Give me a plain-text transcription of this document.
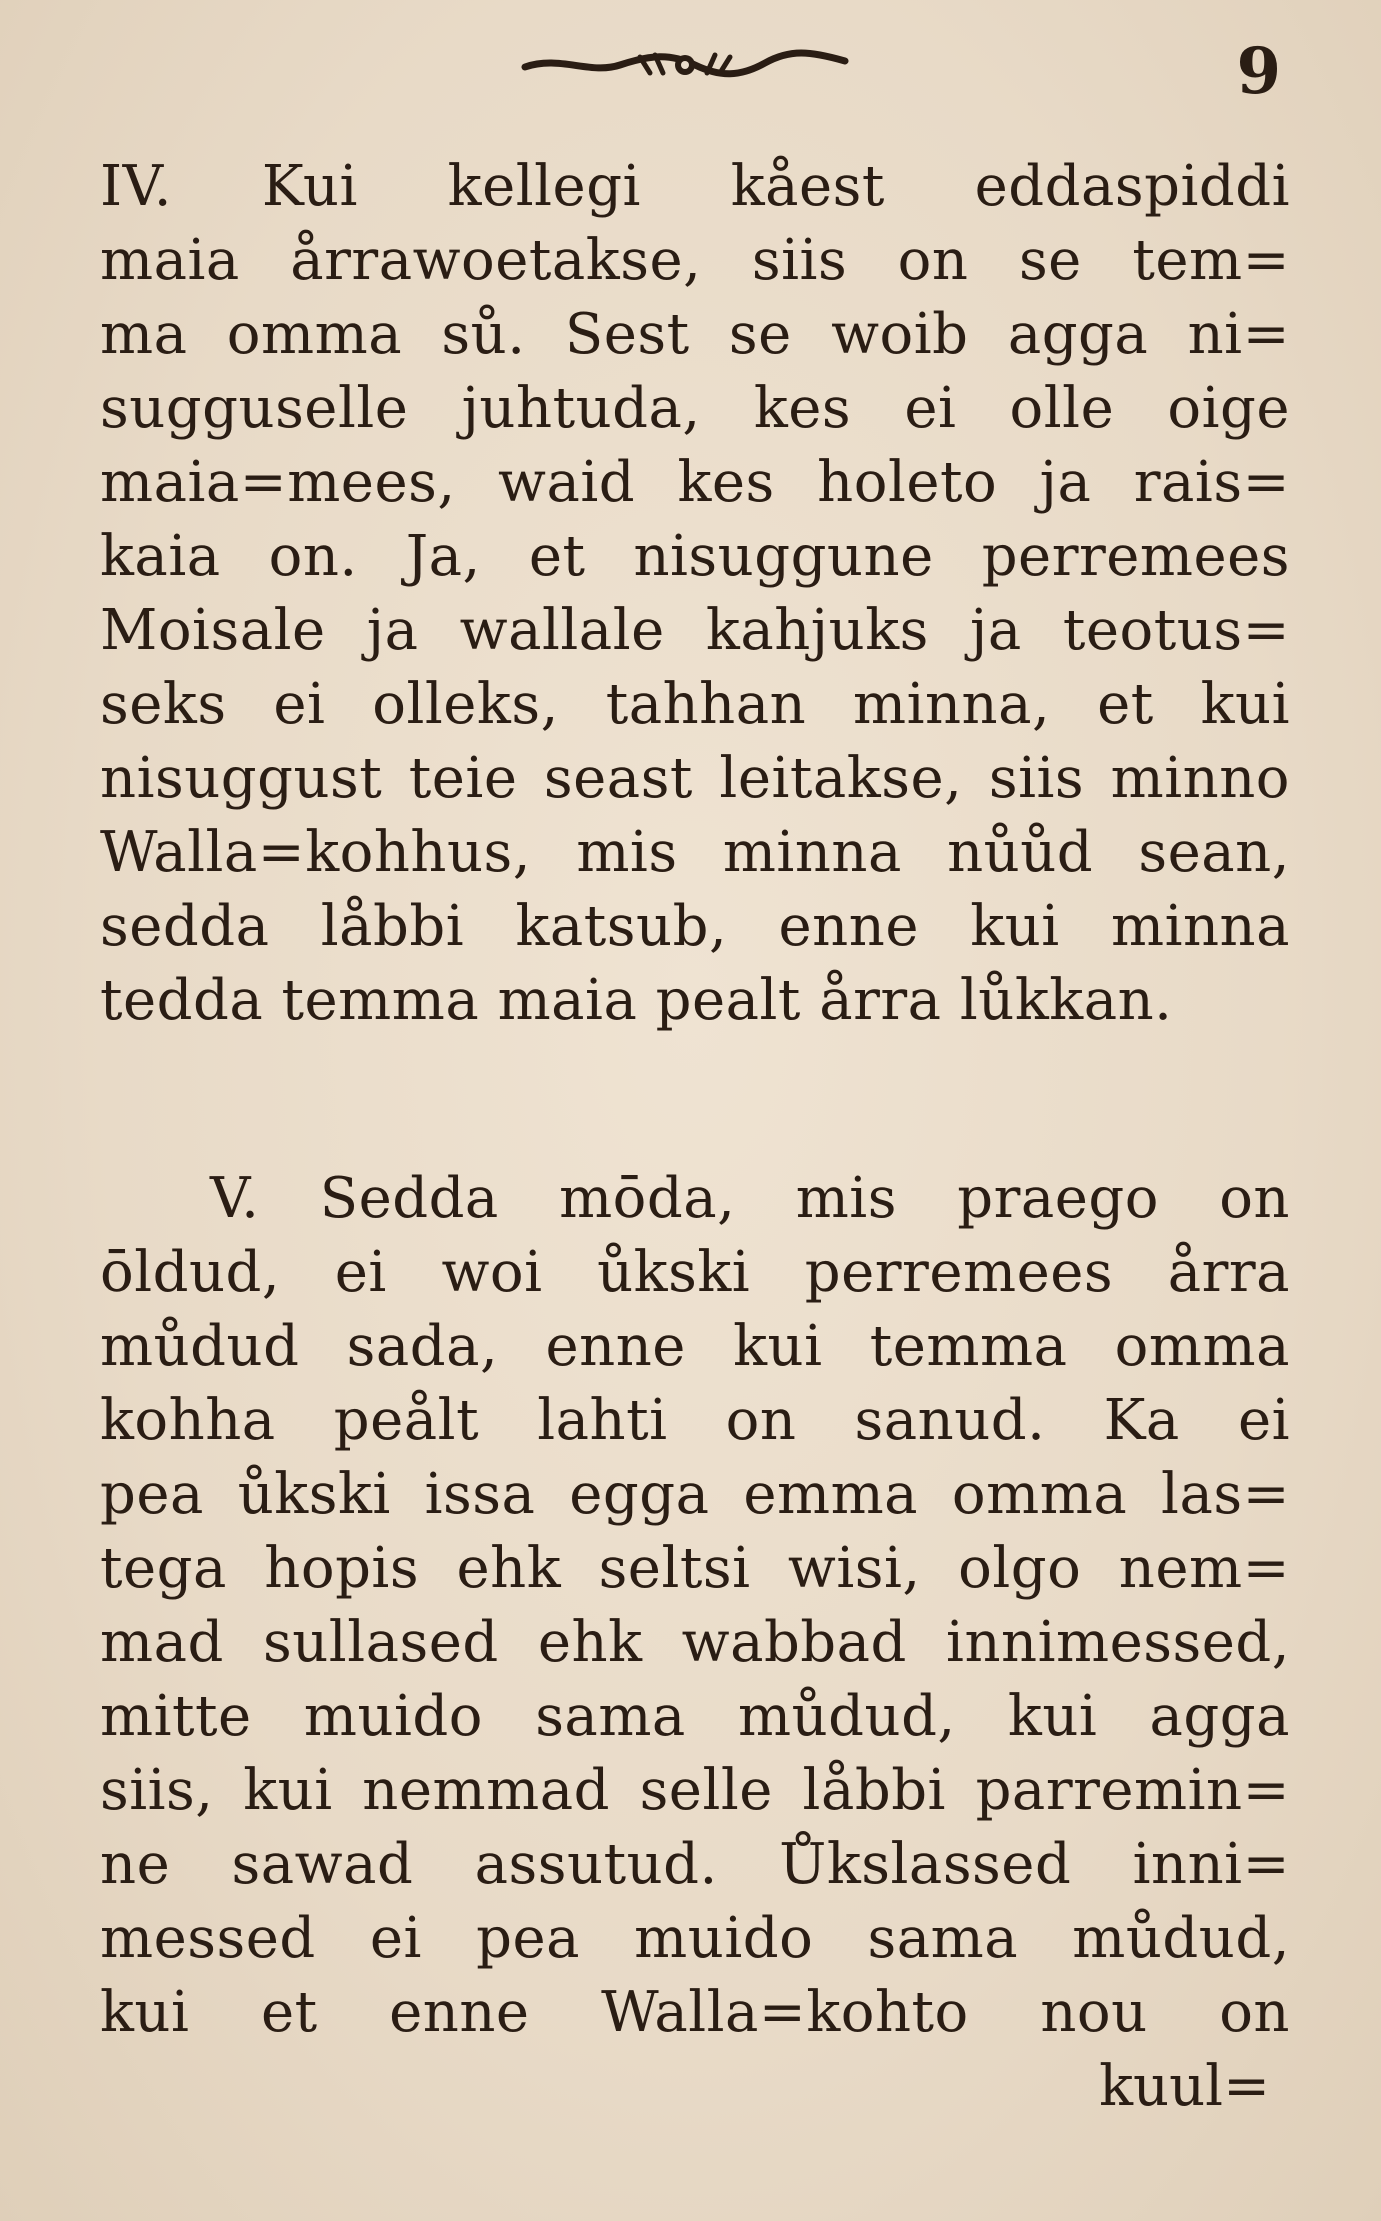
9
IV. Kui kellegi kåest eddaspiddi
maia årrawoetakse, siis on se tem=
ma omma sů. Sest se woib agga ni=
sugguselle juhtuda, kes ei olle oige
maia=mees, waid kes holeto ja rais=
kaia on. Ja, et nisuggune perremees
Moisale ja wallale kahjuks ja teotus=
seks ei olleks, tahhan minna, et kui
nisuggust teie seast leitakse, siis minno
Walla=kohhus, mis minna nůůd sean,
sedda låbbi katsub, enne kui minna
tedda temma maia pealt årra lůkkan.
V. Sedda mōda, mis praego on
ōldud, ei woi ůkski perremees årra
můdud sada, enne kui temma omma
kohha peålt lahti on sanud. Ka ei
pea ůkski issa egga emma omma las=
tega hopis ehk seltsi wisi, olgo nem=
mad sullased ehk wabbad innimessed,
mitte muido sama můdud, kui agga
siis, kui nemmad selle låbbi parremin=
ne sawad assutud. Ůkslassed inni=
messed ei pea muido sama můdud,
kui et enne Walla=kohto nou on
kuul=
